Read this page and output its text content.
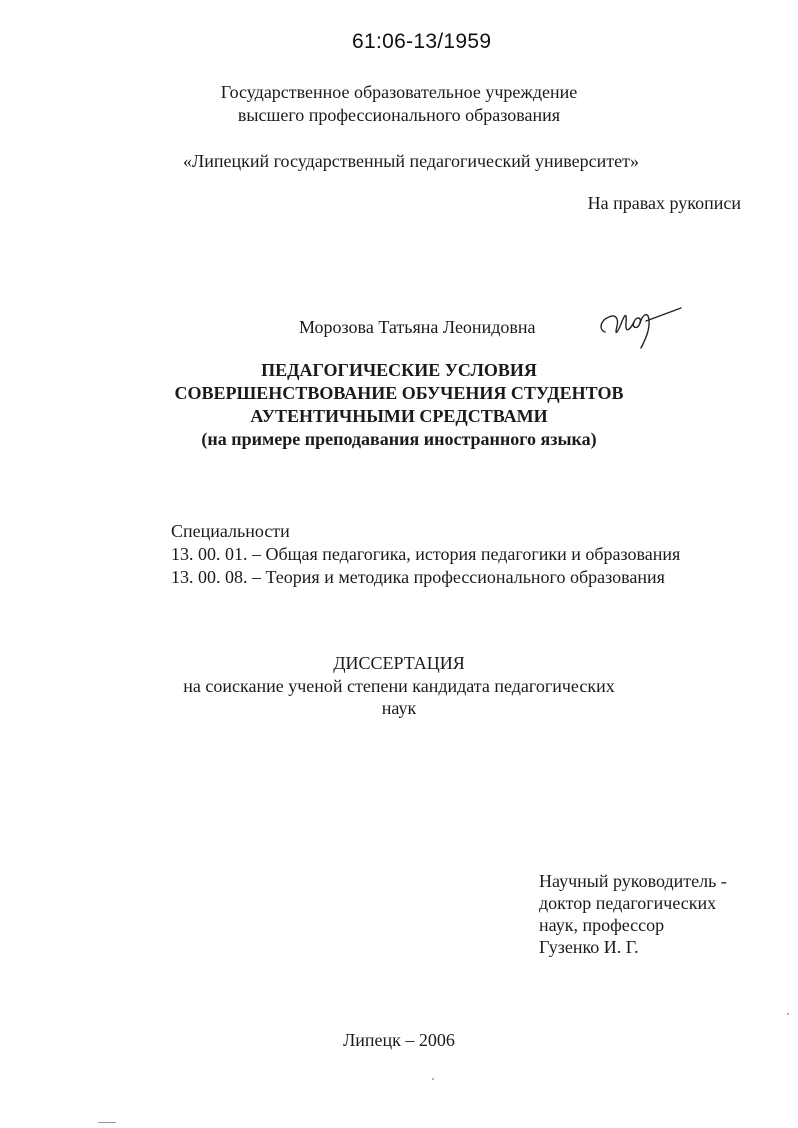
61:06-13/1959
Государственное образовательное учреждение
высшего профессионального образования
«Липецкий государственный педагогический университет»
На правах рукописи
Морозова Татьяна Леонидовна
ПЕДАГОГИЧЕСКИЕ УСЛОВИЯ
СОВЕРШЕНСТВОВАНИЕ ОБУЧЕНИЯ СТУДЕНТОВ
АУТЕНТИЧНЫМИ СРЕДСТВАМИ
(на примере преподавания иностранного языка)
Специальности
13. 00. 01. – Общая педагогика, история педагогики и образования
13. 00. 08. – Теория и методика профессионального образования
ДИССЕРТАЦИЯ
на соискание ученой степени кандидата педагогических
наук
Научный руководитель -
доктор педагогических
наук, профессор
Гузенко И. Г.
Липецк – 2006
